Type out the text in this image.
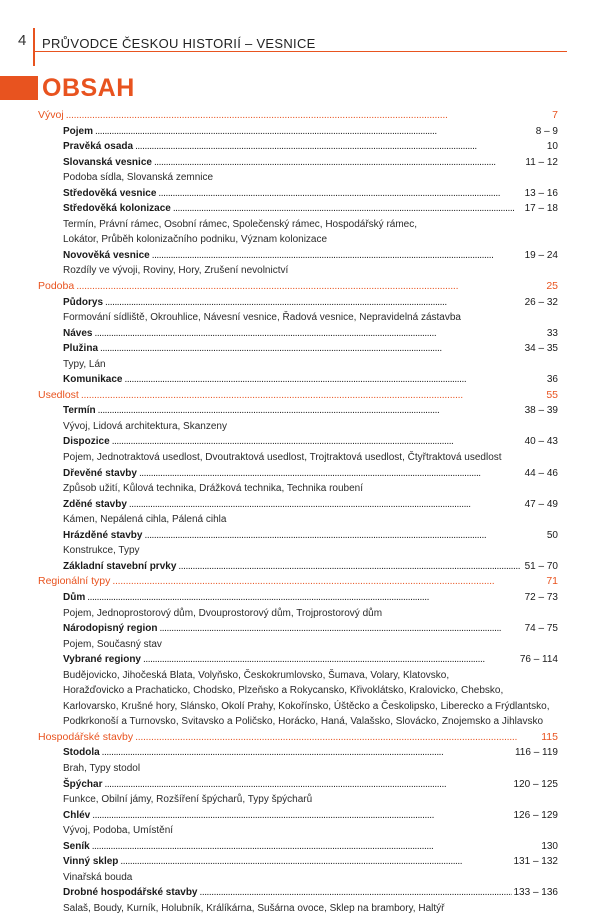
4 PRŮVODCE ČESKOU HISTORIÍ – VESNICE
OBSAH
Vývoj . . .	7
Pojem . . .	8 – 9
Pravěká osada . . .	10
Slovanská vesnice . . .	11 – 12
Podoba sídla, Slovanská zemnice
Středověká vesnice . . .	13 – 16
Středověká kolonizace . . .	17 – 18
Termín, Právní rámec, Osobní rámec, Společenský rámec, Hospodářský rámec,
Lokátor, Průběh kolonizačního podniku, Význam kolonizace
Novověká vesnice . . .	19 – 24
Rozdíly ve vývoji, Roviny, Hory, Zrušení nevolnictví
Podoba . . .	25
Půdorys . . .	26 – 32
Formování sídliště, Okrouhlice, Návesní vesnice, Řadová vesnice, Nepravidelná zástavba
Náves . . .	33
Plužina . . .	34 – 35
Typy, Lán
Komunikace . . .	36
Usedlost . . .	55
Termín . . .	38 – 39
Vývoj, Lidová architektura, Skanzeny
Dispozice . . .	40 – 43
Pojem, Jednotraktová usedlost, Dvoutraktová usedlost, Trojtraktová usedlost, Čtyřtraktová usedlost
Dřevěné stavby . . .	44 – 46
Způsob užití, Kůlová technika, Drážková technika, Technika roubení
Zděné stavby . . .	47 – 49
Kámen, Nepálená cihla, Pálená cihla
Hrázděné stavby . . .	50
Konstrukce, Typy
Základní stavební prvky . . .	51 – 70
Regionální typy . . .	71
Dům . . .	72 – 73
Pojem, Jednoprostorový dům, Dvouprostorový dům, Trojprostorový dům
Národopisný region . . .	74 – 75
Pojem, Současný stav
Vybrané regiony . . .	76 – 114
Budějovicko, Jihočeská Blata, Volyňsko, Českokrumlovsko, Šumava, Volary, Klatovsko,
Horažďovicko a Prachaticko, Chodsko, Plzeňsko a Rokycansko, Křivoklátsko, Kralovicko, Chebsko,
Karlovarsko, Krušné hory, Slánsko, Okolí Prahy, Kokořínsko, Úštěcko a Českolipsko, Liberecko a Frýdlantsko,
Podkrkonoší a Turnovsko, Svitavsko a Poličsko, Horácko, Haná, Valašsko, Slovácko, Znojemsko a Jihlavsko
Hospodářské stavby . . .	115
Stodola . . .	116 – 119
Brah, Typy stodol
Špýchar . . .	120 – 125
Funkce, Obilní jámy, Rozšíření špýcharů, Typy špýcharů
Chlév . . .	126 – 129
Vývoj, Podoba, Umístění
Seník . . .	130
Vinný sklep . . .	131 – 132
Vinařská bouda
Drobné hospodářské stavby . . .	133 – 136
Salaš, Boudy, Kurník, Holubník, Králíkárna, Sušárna ovoce, Sklep na brambory, Haltýř
